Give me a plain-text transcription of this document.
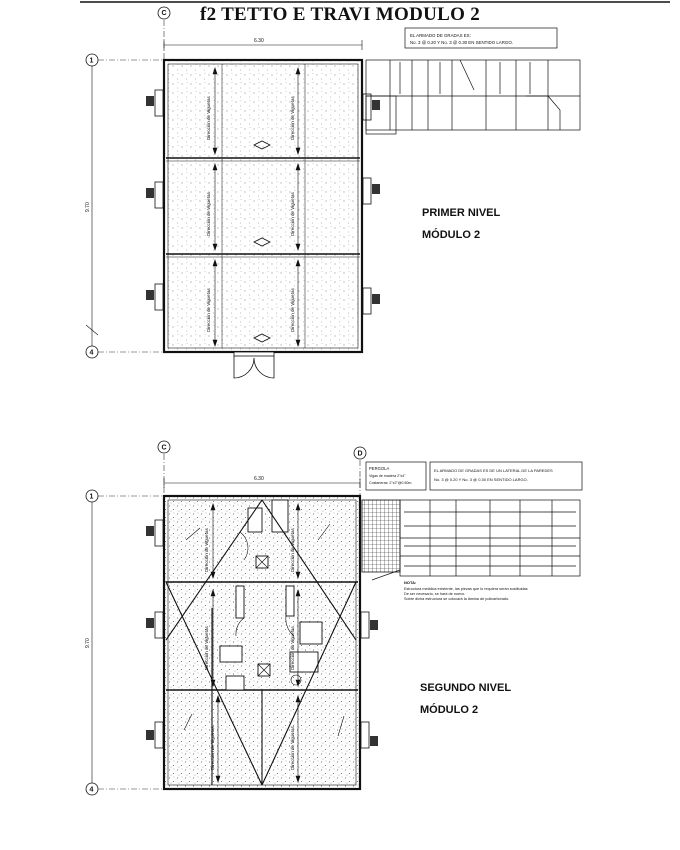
f2 TETTO E TRAVI MODULO 2
Dirección de Viguetas	Dirección de Viguetas
Dirección de Viguetas	Dirección de Viguetas
Dirección de Viguetas	Dirección de Viguetas
6.30
9.70
C
1
4
EL ARMADO DE GRADAS ES:
No. 3 @ 0.20 Y No. 3 @ 0.30 EN SENTIDO LARGO.
Dirección de Viguetas	Dirección de Viguetas
Dirección de Viguetas	Dirección de Viguetas
Dirección de Viguetas	Dirección de Viguetas
6.30
9.70
C
D
1
4
PERGOLA
Vigas de madera 2"x4"
Costaneras: 2"x2"@0.50m.
EL ARMADO DE GRADAS ES DE UN LATERAL DE LA PAREDES
No. 3 @ 0.20 Y No. 3 @ 0.30 EN SENTIDO LARGO.
NOTA:
Estructura metálica existente, las piezas que lo requiera serán sustituidas
De ser necesario, se hará de nuevo.
Sobre dicha estructura se colocará la lámina de policarbonato.
PRIMER NIVEL
MÓDULO 2
SEGUNDO NIVEL
MÓDULO 2
